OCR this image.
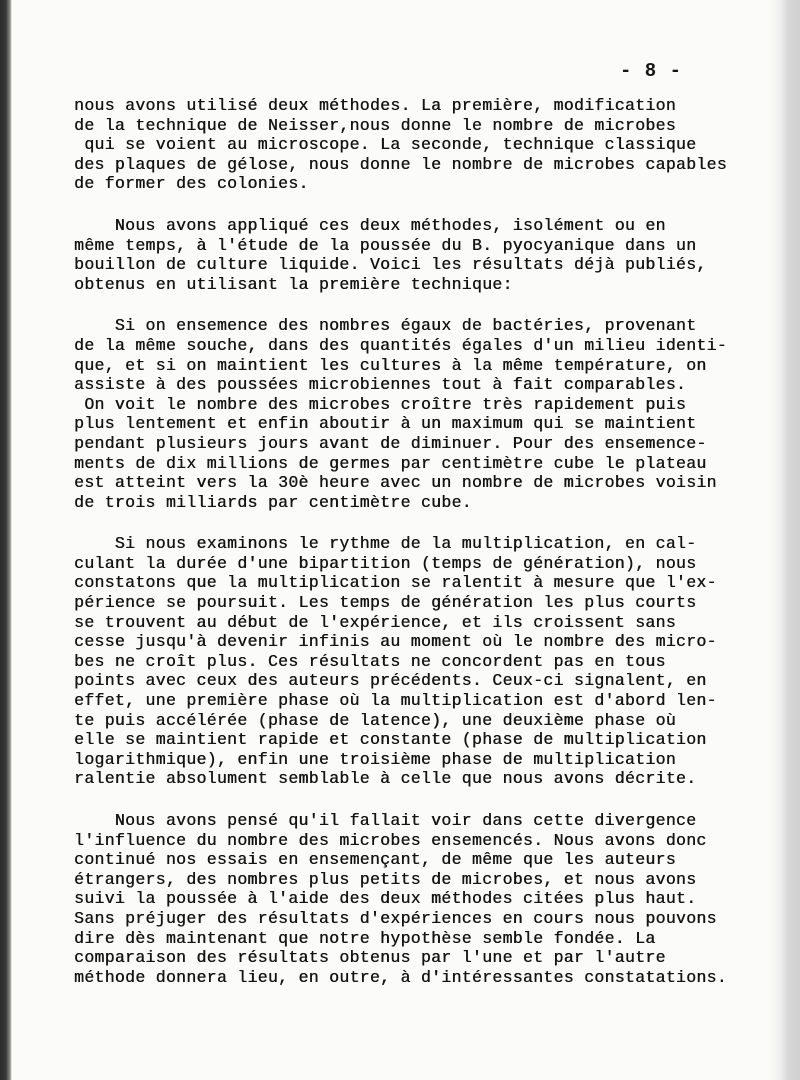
- 8 -

nous avons utilisé deux méthodes. La première, modification
de la technique de Neisser,nous donne le nombre de microbes
qui se voient au microscope. La seconde, technique classique
des plaques de gélose, nous donne le nombre de microbes capables
de former des colonies.

Nous avons appliqué ces deux méthodes, isolément ou en
même temps, à l'étude de la poussée du B. pyocyanique dans un
bouillon de culture liquide. Voici les résultats déjà publiés,
obtenus en utilisant la première technique:

Si on ensemence des nombres égaux de bactéries, provenant
de la même souche, dans des quantités égales d'un milieu identi-
que, et si on maintient les cultures à la même température, on
assiste à des poussées microbiennes tout à fait comparables.
On voit le nombre des microbes croître très rapidement puis
plus lentement et enfin aboutir à un maximum qui se maintient
pendant plusieurs jours avant de diminuer. Pour des ensemence-
ments de dix millions de germes par centimètre cube le plateau
est atteint vers la 30è heure avec un nombre de microbes voisin
de trois milliards par centimètre cube.

Si nous examinons le rythme de la multiplication, en cal-
culant la durée d'une bipartition (temps de génération), nous
constatons que la multiplication se ralentit à mesure que l'ex-
périence se poursuit. Les temps de génération les plus courts
se trouvent au début de l'expérience, et ils croissent sans
cesse jusqu'à devenir infinis au moment où le nombre des micro-
bes ne croît plus. Ces résultats ne concordent pas en tous
points avec ceux des auteurs précédents. Ceux-ci signalent, en
effet, une première phase où la multiplication est d'abord len-
te puis accélérée (phase de latence), une deuxième phase où
elle se maintient rapide et constante (phase de multiplication
logarithmique), enfin une troisième phase de multiplication
ralentie absolument semblable à celle que nous avons décrite.

Nous avons pensé qu'il fallait voir dans cette divergence
l'influence du nombre des microbes ensemencés. Nous avons donc
continué nos essais en ensemençant, de même que les auteurs
étrangers, des nombres plus petits de microbes, et nous avons
suivi la poussée à l'aide des deux méthodes citées plus haut.
Sans préjuger des résultats d'expériences en cours nous pouvons
dire dès maintenant que notre hypothèse semble fondée. La
comparaison des résultats obtenus par l'une et par l'autre
méthode donnera lieu, en outre, à d'intéressantes constatations.
